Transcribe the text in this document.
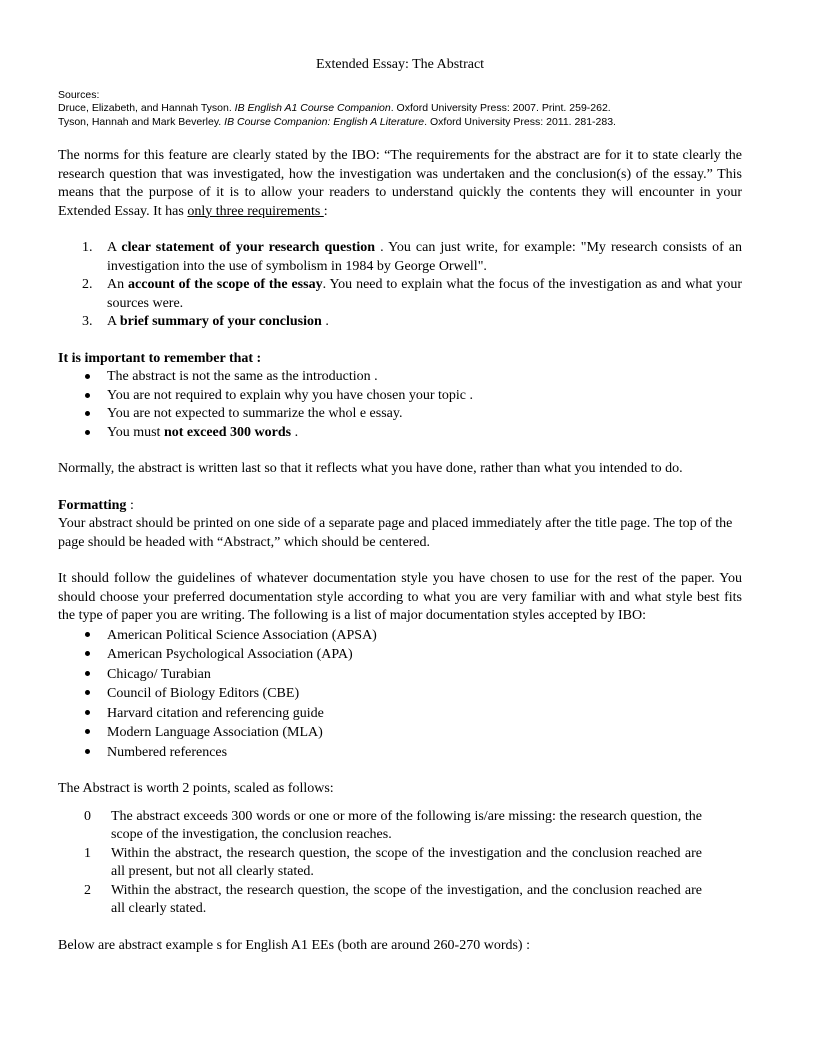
Extended Essay: The Abstract
Sources:
Druce, Elizabeth, and Hannah Tyson. IB English A1 Course Companion. Oxford University Press: 2007. Print. 259-262.
Tyson, Hannah and Mark Beverley. IB Course Companion: English A Literature. Oxford University Press: 2011. 281-283.

The norms for this feature are clearly stated by the IBO: “The requirements for the abstract are for it to state clearly the research question that was investigated, how the investigation was undertaken and the conclusion(s) of the essay.” This means that the purpose of it is to allow your readers to understand quickly the contents they will encounter in your Extended Essay. It has only three requirements :

1. A clear statement of your research question . You can just write, for example: "My research consists of an investigation into the use of symbolism in 1984 by George Orwell".
2. An account of the scope of the essay. You need to explain what the focus of the investigation as and what your sources were.
3. A brief summary of your conclusion .
It is important to remember that :
The abstract is not the same as the introduction .
You are not required to explain why you have chosen your topic .
You are not expected to summarize the whol e essay.
You must not exceed 300 words .

Normally, the abstract is written last so that it reflects what you have done, rather than what you intended to do.

Formatting :
Your abstract should be printed on one side of a separate page and placed immediately after the title page. The top of the page should be headed with “Abstract,” which should be centered.

It should follow the guidelines of whatever documentation style you have chosen to use for the rest of the paper. You should choose your preferred documentation style according to what you are very familiar with and what style best fits the type of paper you are writing. The following is a list of major documentation styles accepted by IBO:

American Political Science Association (APSA)
American Psychological Association (APA)
Chicago/ Turabian
Council of Biology Editors (CBE)
Harvard citation and referencing guide
Modern Language Association (MLA)
Numbered references

The Abstract is worth 2 points, scaled as follows:

0 The abstract exceeds 300 words or one or more of the following is/are missing: the research question, the scope of the investigation, the conclusion reaches.
1 Within the abstract, the research question, the scope of the investigation and the conclusion reached are all present, but not all clearly stated.
2 Within the abstract, the research question, the scope of the investigation, and the conclusion reached are all clearly stated.

Below are abstract example s for English A1 EEs (both are around 260-270 words) :
